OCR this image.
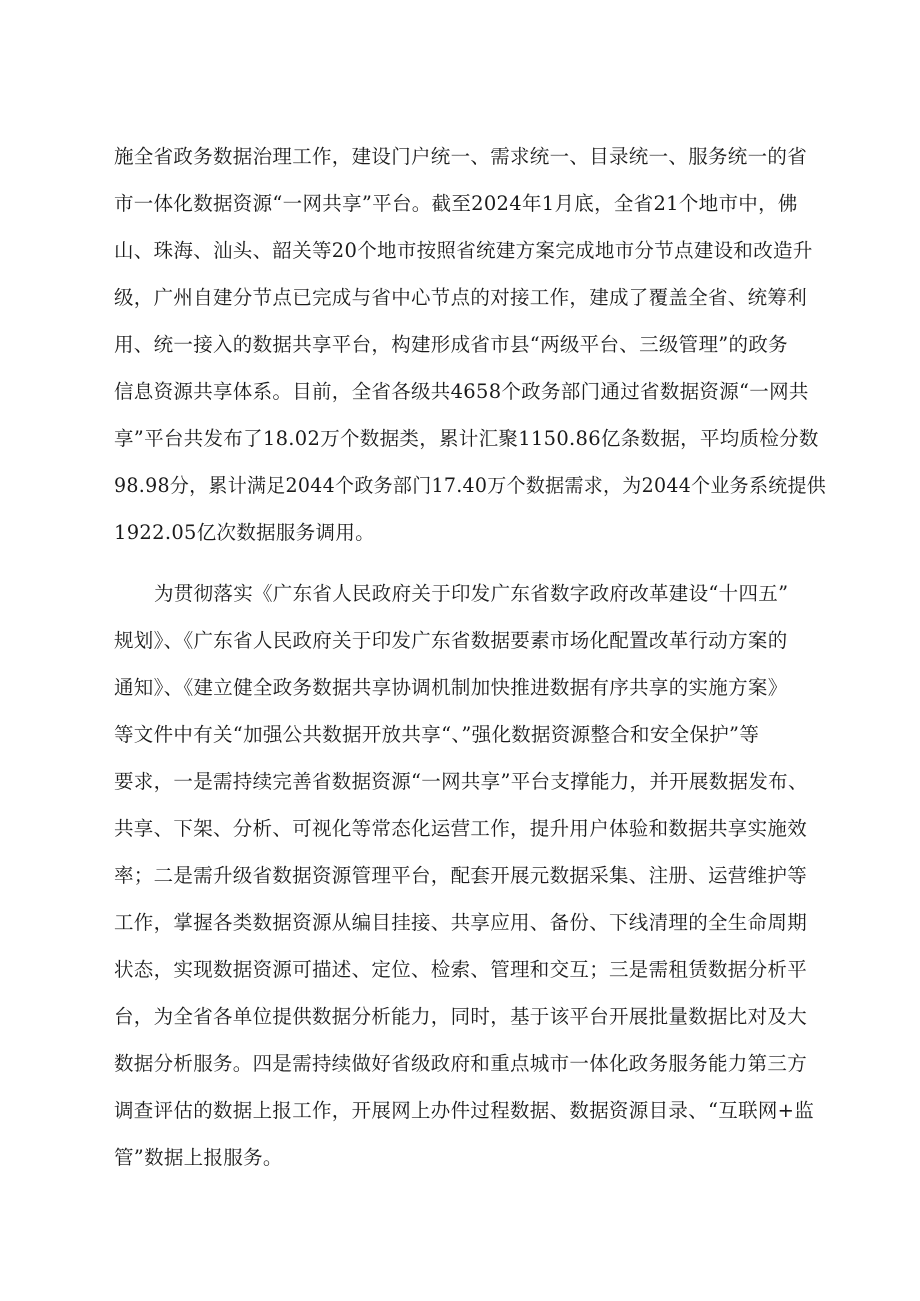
施全省政务数据治理工作，建设门户统一、需求统一、目录统一、服务统一的省
市一体化数据资源“一网共享”平台。截至2024年1月底，全省21个地市中，佛
山、珠海、汕头、韶关等20个地市按照省统建方案完成地市分节点建设和改造升
级，广州自建分节点已完成与省中心节点的对接工作，建成了覆盖全省、统筹利
用、统一接入的数据共享平台，构建形成省市县“两级平台、三级管理”的政务
信息资源共享体系。目前，全省各级共4658个政务部门通过省数据资源“一网共
享”平台共发布了18.02万个数据类，累计汇聚1150.86亿条数据，平均质检分数
98.98分，累计满足2044个政务部门17.40万个数据需求，为2044个业务系统提供
1922.05亿次数据服务调用。
为贯彻落实《广东省人民政府关于印发广东省数字政府改革建设“十四五”
规划》、《广东省人民政府关于印发广东省数据要素市场化配置改革行动方案的
通知》、《建立健全政务数据共享协调机制加快推进数据有序共享的实施方案》
等文件中有关“加强公共数据开放共享“、”强化数据资源整合和安全保护”等
要求，一是需持续完善省数据资源“一网共享”平台支撑能力，并开展数据发布、
共享、下架、分析、可视化等常态化运营工作，提升用户体验和数据共享实施效
率；二是需升级省数据资源管理平台，配套开展元数据采集、注册、运营维护等
工作，掌握各类数据资源从编目挂接、共享应用、备份、下线清理的全生命周期
状态，实现数据资源可描述、定位、检索、管理和交互；三是需租赁数据分析平
台，为全省各单位提供数据分析能力，同时，基于该平台开展批量数据比对及大
数据分析服务。四是需持续做好省级政府和重点城市一体化政务服务能力第三方
调查评估的数据上报工作，开展网上办件过程数据、数据资源目录、“互联网+监
管”数据上报服务。
